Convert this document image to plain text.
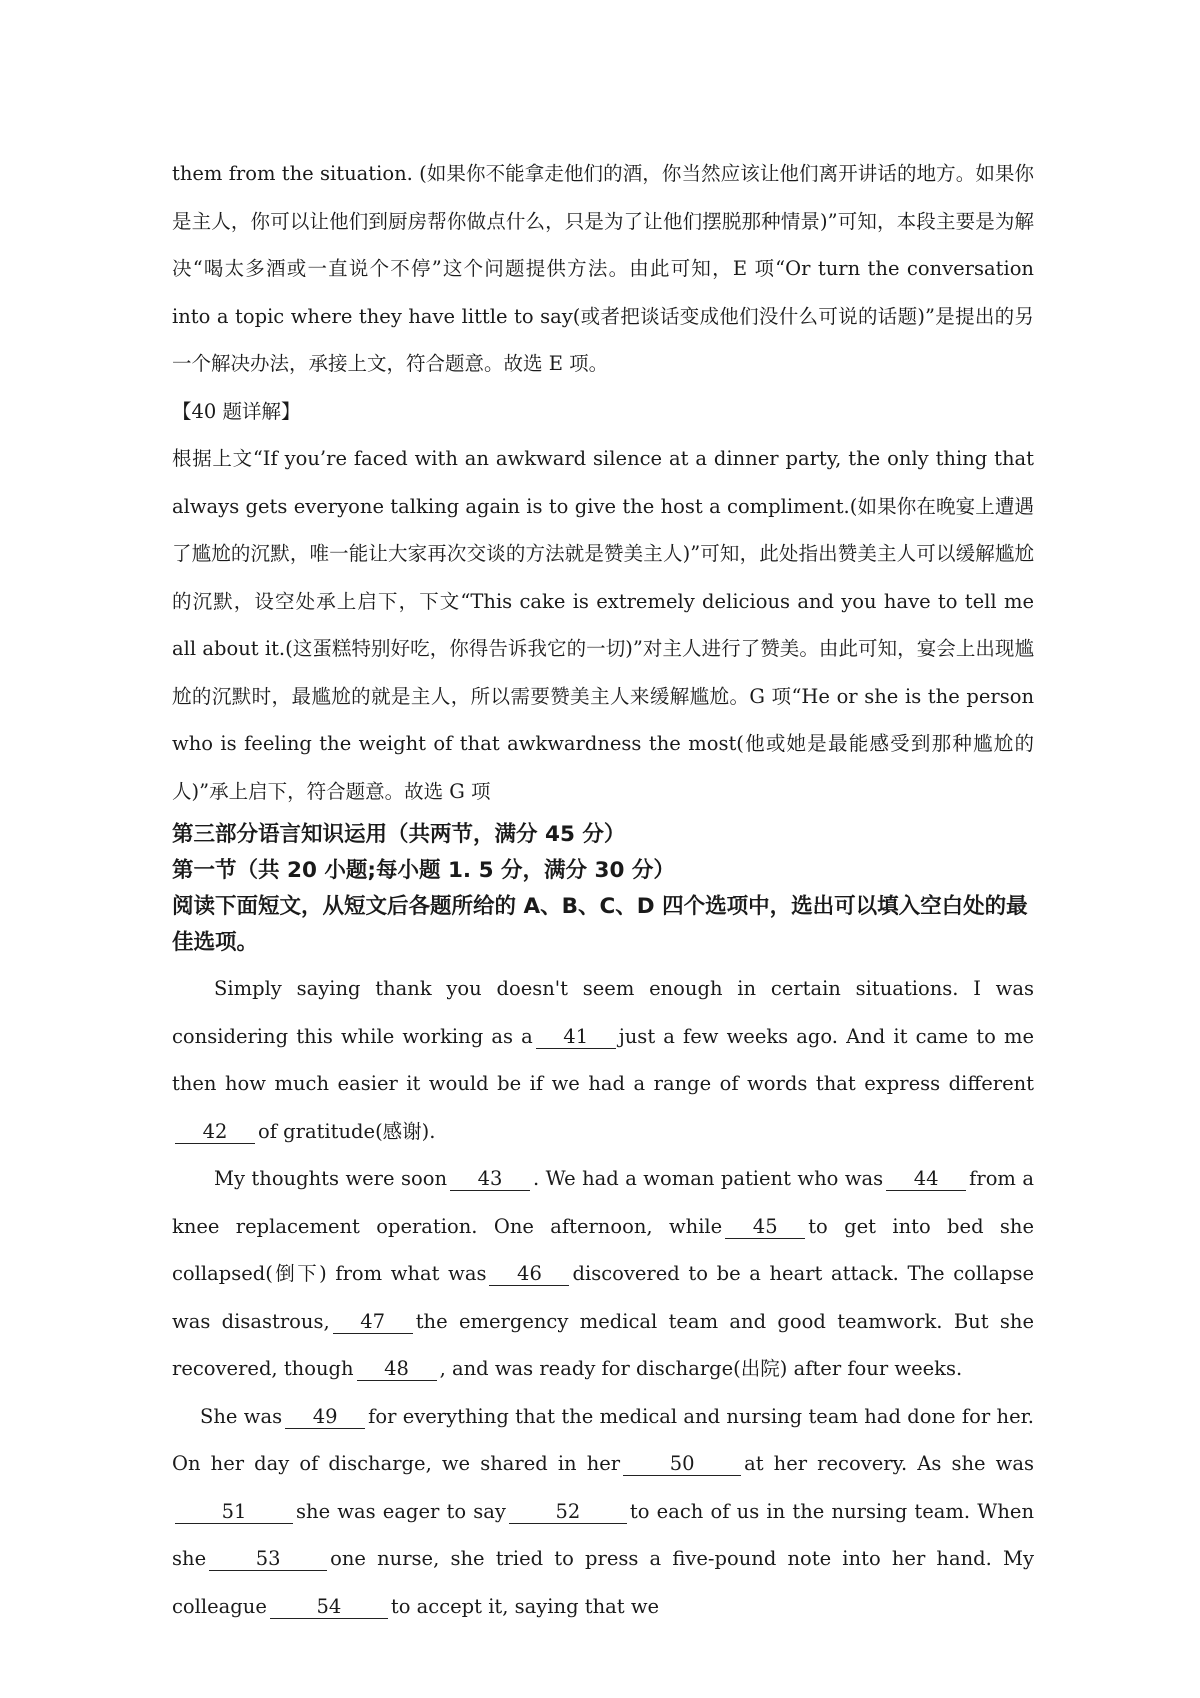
them from the situation. (如果你不能拿走他们的酒，你当然应该让他们离开讲话的地方。如果你是主人，你可以让他们到厨房帮你做点什么，只是为了让他们摆脱那种情景)”可知，本段主要是为解决“喝太多酒或一直说个不停”这个问题提供方法。由此可知，E 项“Or turn the conversation into a topic where they have little to say(或者把谈话变成他们没什么可说的话题)”是提出的另一个解决办法，承接上文，符合题意。故选 E 项。

【40 题详解】

根据上文“If you’re faced with an awkward silence at a dinner party, the only thing that always gets everyone talking again is to give the host a compliment.(如果你在晚宴上遭遇了尴尬的沉默，唯一能让大家再次交谈的方法就是赞美主人)”可知，此处指出赞美主人可以缓解尴尬的沉默，设空处承上启下，下文“This cake is extremely delicious and you have to tell me all about it.(这蛋糕特别好吃，你得告诉我它的一切)”对主人进行了赞美。由此可知，宴会上出现尴尬的沉默时，最尴尬的就是主人，所以需要赞美主人来缓解尴尬。G 项“He or she is the person who is feeling the weight of that awkwardness the most(他或她是最能感受到那种尴尬的人)”承上启下，符合题意。故选 G 项

第三部分语言知识运用（共两节，满分 45 分）

第一节（共 20 小题;每小题 1. 5 分，满分 30 分）

阅读下面短文，从短文后各题所给的 A、B、C、D 四个选项中，选出可以填入空白处的最佳选项。

Simply saying thank you doesn't seem enough in certain situations. I was considering this while working as a 41 just a few weeks ago. And it came to me then how much easier it would be if we had a range of words that express different42 of gratitude(感谢).

My thoughts were soon 43 . We had a woman patient who was 44 from a knee replacement operation. One afternoon, while 45 to get into bed she collapsed(倒下) from what was 46 discovered to be a heart attack. The collapse was disastrous, 47 the emergency medical team and good teamwork. But she recovered, though 48 , and was ready for discharge(出院) after four weeks.

She was 49 for everything that the medical and nursing team had done for her. On her day of discharge, we shared in her	50	at her recovery. As she was51	she was eager to say	52	to each of us in the nursing team. When she	53	one nurse, she tried to press a five-pound note into her hand. My colleague	54	to accept it, saying that we
